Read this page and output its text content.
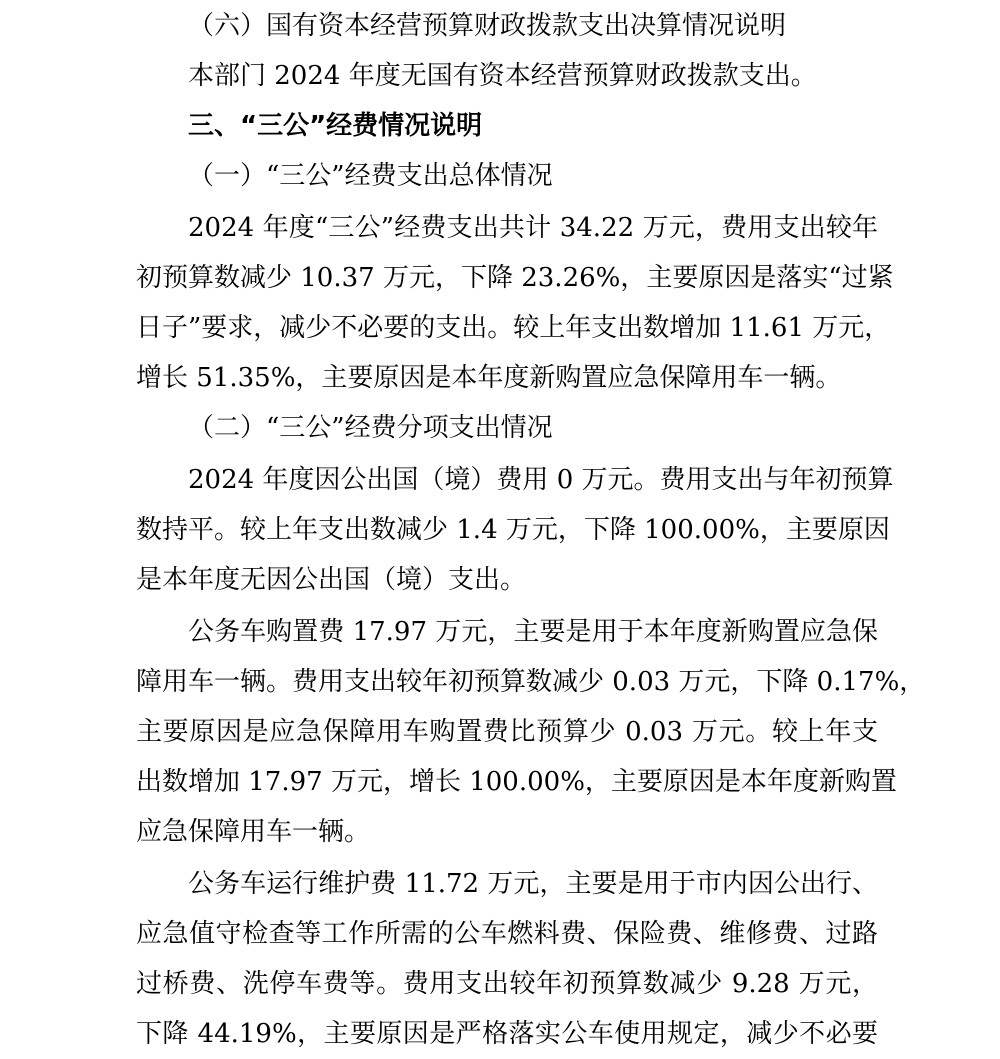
（六）国有资本经营预算财政拨款支出决算情况说明
本部门 2024 年度无国有资本经营预算财政拨款支出。
三、“三公”经费情况说明
（一）“三公”经费支出总体情况
2024 年度“三公”经费支出共计 34.22 万元，费用支出较年
初预算数减少 10.37 万元，下降 23.26%，主要原因是落实“过紧
日子”要求，减少不必要的支出。较上年支出数增加 11.61 万元，
增长 51.35%，主要原因是本年度新购置应急保障用车一辆。
（二）“三公”经费分项支出情况
2024 年度因公出国（境）费用 0 万元。费用支出与年初预算
数持平。较上年支出数减少 1.4 万元，下降 100.00%，主要原因
是本年度无因公出国（境）支出。
公务车购置费 17.97 万元，主要是用于本年度新购置应急保
障用车一辆。费用支出较年初预算数减少 0.03 万元，下降 0.17%，
主要原因是应急保障用车购置费比预算少 0.03 万元。较上年支
出数增加 17.97 万元，增长 100.00%，主要原因是本年度新购置
应急保障用车一辆。
公务车运行维护费 11.72 万元，主要是用于市内因公出行、
应急值守检查等工作所需的公车燃料费、保险费、维修费、过路
过桥费、洗停车费等。费用支出较年初预算数减少 9.28 万元，
下降 44.19%，主要原因是严格落实公车使用规定，减少不必要
